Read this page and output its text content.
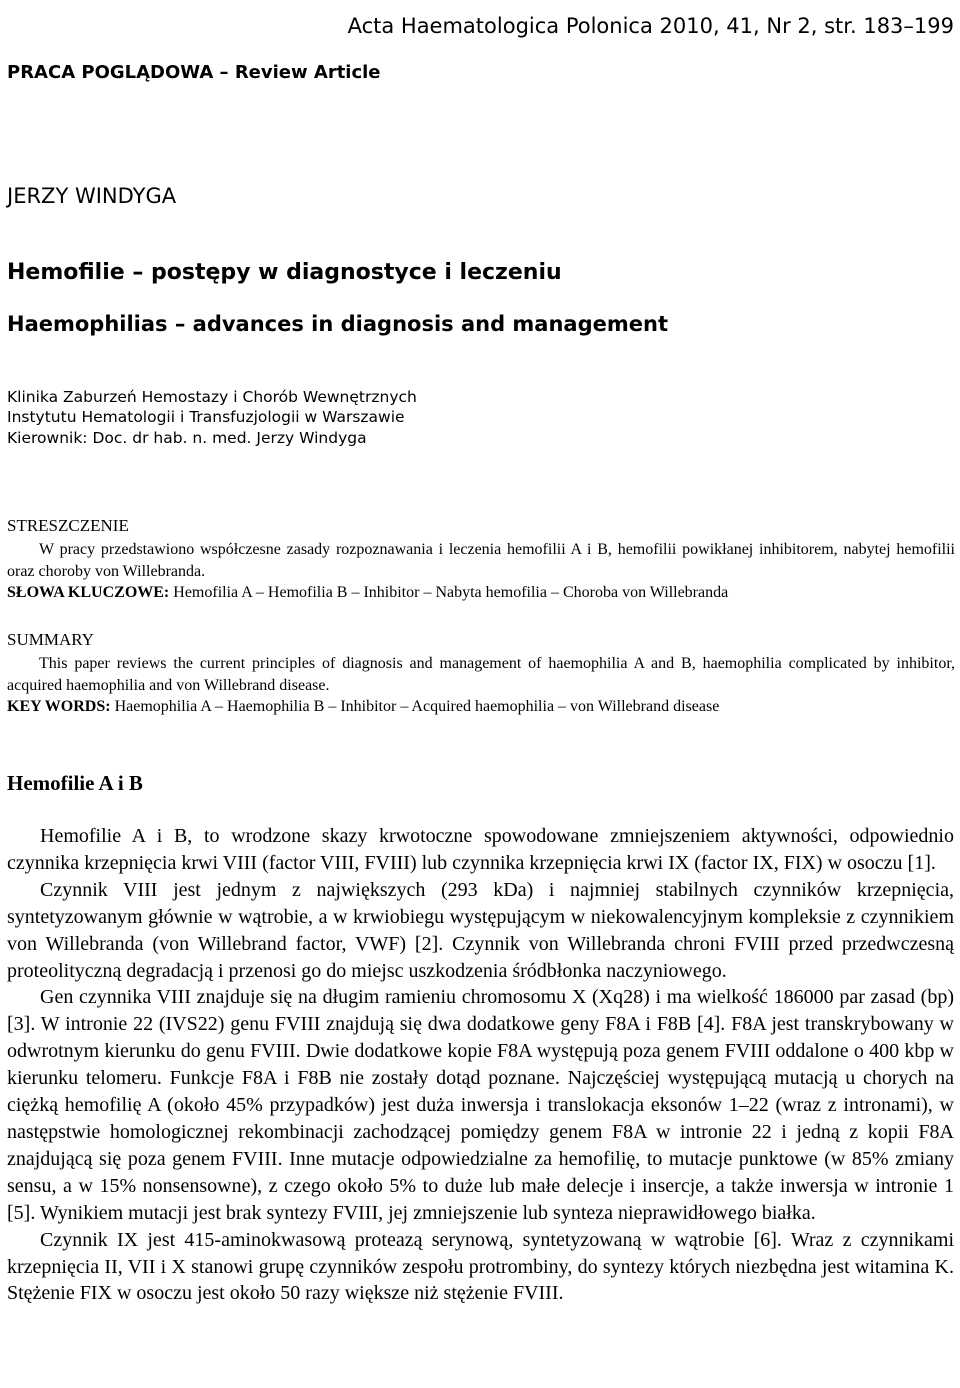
Acta Haematologica Polonica 2010, 41, Nr 2, str. 183–199
PRACA POGLĄDOWA – Review Article
JERZY WINDYGA
Hemofilie – postępy w diagnostyce i leczeniu
Haemophilias – advances in diagnosis and management
Klinika Zaburzeń Hemostazy i Chorób Wewnętrznych
Instytutu Hematologii i Transfuzjologii w Warszawie
Kierownik: Doc. dr hab. n. med. Jerzy Windyga
STRESZCZENIE

W pracy przedstawiono współczesne zasady rozpoznawania i leczenia hemofilii A i B, hemofilii powikłanej inhibitorem, nabytej hemofilii oraz choroby von Willebranda.

SŁOWA KLUCZOWE: Hemofilia A – Hemofilia B – Inhibitor – Nabyta hemofilia – Choroba von Willebranda
SUMMARY

This paper reviews the current principles of diagnosis and management of haemophilia A and B, haemophilia complicated by inhibitor, acquired haemophilia and von Willebrand disease.

KEY WORDS: Haemophilia A – Haemophilia B – Inhibitor – Acquired haemophilia – von Willebrand disease
Hemofilie A i B

Hemofilie A i B, to wrodzone skazy krwotoczne spowodowane zmniejszeniem aktywności, odpowiednio czynnika krzepnięcia krwi VIII (factor VIII, FVIII) lub czynnika krzepnięcia krwi IX (factor IX, FIX) w osoczu [1].

Czynnik VIII jest jednym z największych (293 kDa) i najmniej stabilnych czynników krzepnięcia, syntetyzowanym głównie w wątrobie, a w krwiobiegu występującym w niekowalencyjnym kompleksie z czynnikiem von Willebranda (von Willebrand factor, VWF) [2]. Czynnik von Willebranda chroni FVIII przed przedwczesną proteolityczną degradacją i przenosi go do miejsc uszkodzenia śródbłonka naczyniowego.

Gen czynnika VIII znajduje się na długim ramieniu chromosomu X (Xq28) i ma wielkość 186000 par zasad (bp) [3]. W intronie 22 (IVS22) genu FVIII znajdują się dwa dodatkowe geny F8A i F8B [4]. F8A jest transkrybowany w odwrotnym kierunku do genu FVIII. Dwie dodatkowe kopie F8A występują poza genem FVIII oddalone o 400 kbp w kierunku telomeru. Funkcje F8A i F8B nie zostały dotąd poznane. Najczęściej występującą mutacją u chorych na ciężką hemofilię A (około 45% przypadków) jest duża inwersja i translokacja eksonów 1–22 (wraz z intronami), w następstwie homologicznej rekombinacji zachodzącej pomiędzy genem F8A w intronie 22 i jedną z kopii F8A znajdującą się poza genem FVIII. Inne mutacje odpowiedzialne za hemofilię, to mutacje punktowe (w 85% zmiany sensu, a w 15% nonsensowne), z czego około 5% to duże lub małe delecje i insercje, a także inwersja w intronie 1 [5]. Wynikiem mutacji jest brak syntezy FVIII, jej zmniejszenie lub synteza nieprawidłowego białka.

Czynnik IX jest 415-aminokwasową proteazą serynową, syntetyzowaną w wątrobie [6]. Wraz z czynnikami krzepnięcia II, VII i X stanowi grupę czynników zespołu protrombiny, do syntezy których niezbędna jest witamina K. Stężenie FIX w osoczu jest około 50 razy większe niż stężenie FVIII.
